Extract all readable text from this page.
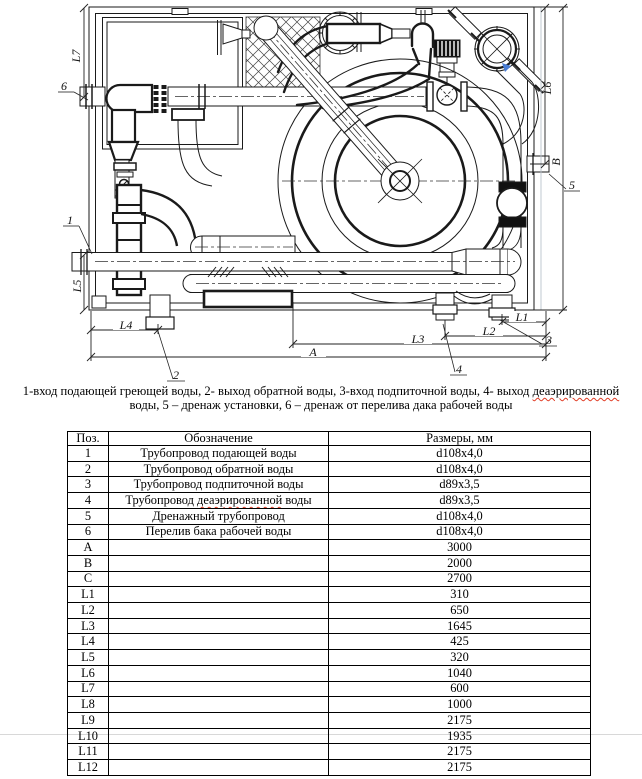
L7
L5
L6
B
L4
A
L3
L2
L1
1
2
3
4
5
6
1-вход подающей греющей воды, 2- выход обратной воды, 3-вход подпиточной воды, 4- выход деаэрированной
воды, 5 – дренаж установки, 6 – дренаж от перелива дака рабочей воды
Поз.	Обозначение	Размеры, мм
1	Трубопровод подающей воды	d108x4,0
2	Трубопровод обратной воды	d108x4,0
3	Трубопровод подпиточной воды	d89x3,5
4	Трубопровод деаэрированной воды	d89x3,5
5	Дренажный трубопровод	d108x4,0
6	Перелив бака рабочей воды	d108x4,0
A		3000
B		2000
C		2700
L1		310
L2		650
L3		1645
L4		425
L5		320
L6		1040
L7		600
L8		1000
L9		2175
L10		1935
L11		2175
L12		2175
